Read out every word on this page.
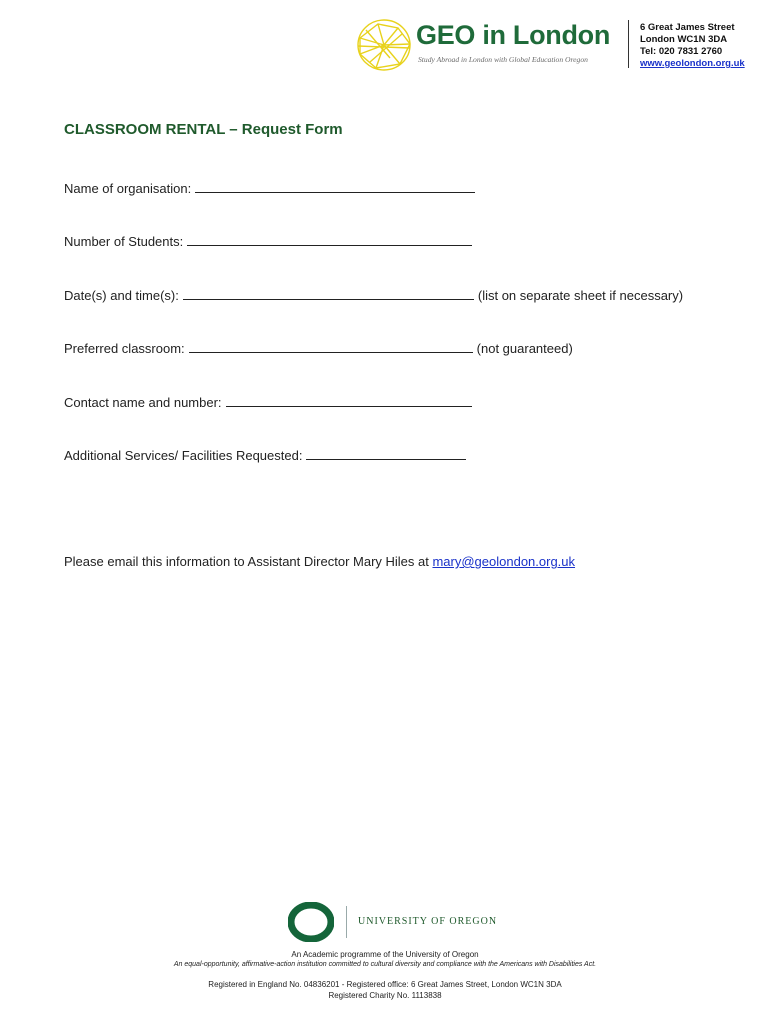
GEO in London
Study Abroad in London with Global Education Oregon
6 Great James Street
London WC1N 3DA
Tel: 020 7831 2760
www.geolondon.org.uk
CLASSROOM RENTAL – Request Form
Name of organisation:
Number of Students:
Date(s) and time(s):	(list on separate sheet if necessary)
Preferred classroom:	(not guaranteed)
Contact name and number:
Additional Services/ Facilities Requested:
Please email this information to Assistant Director Mary Hiles at mary@geolondon.org.uk
UNIVERSITY OF OREGON
An Academic programme of the University of Oregon
An equal-opportunity, affirmative-action institution committed to cultural diversity and compliance with the Americans with Disabilities Act.
Registered in England No. 04836201 - Registered office: 6 Great James Street, London WC1N 3DA
Registered Charity No. 1113838
